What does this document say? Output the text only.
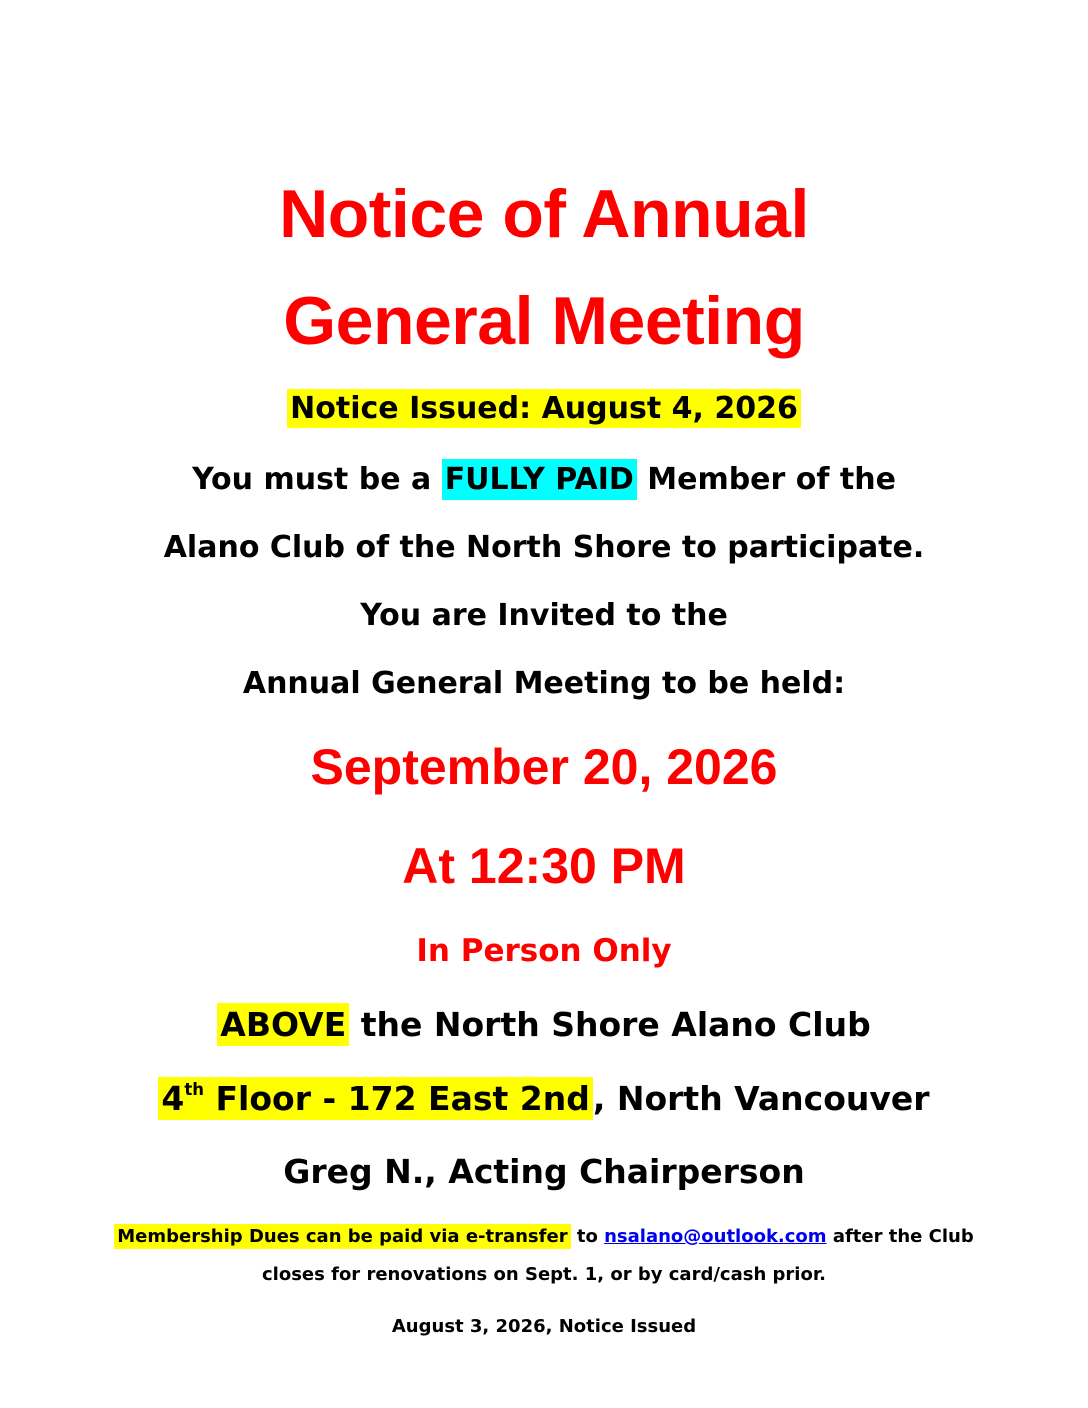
Notice of Annual
General Meeting
Notice Issued: August 4, 2026
You must be a FULLY PAID Member of the
Alano Club of the North Shore to participate.
You are Invited to the
Annual General Meeting to be held:
September 20, 2026
At 12:30 PM
In Person Only
ABOVE the North Shore Alano Club
4th Floor - 172 East 2nd, North Vancouver
Greg N., Acting Chairperson
Membership Dues can be paid via e-transfer to nsalano@outlook.com after the Club
closes for renovations on Sept. 1, or by card/cash prior.
August 3, 2026, Notice Issued
